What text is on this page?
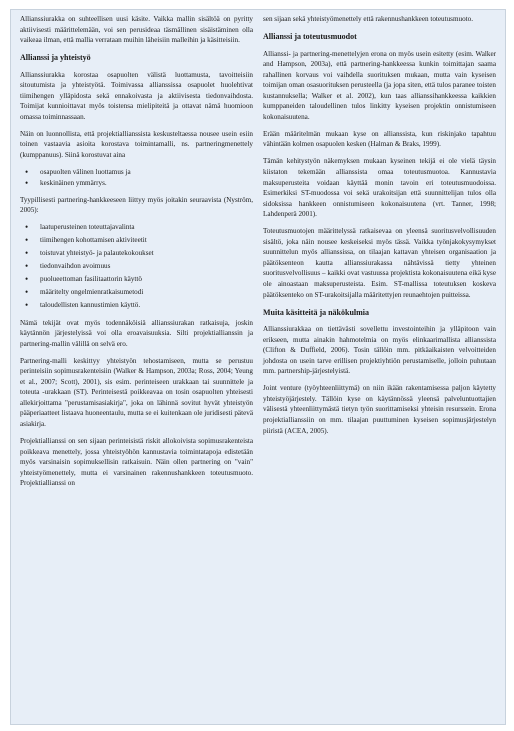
Allianssiurakka on suhteellisen uusi käsite. Vaikka mallin sisältöä on pyritty aktiivisesti määrittelemään, voi sen perusideaa täsmällinen sisäistäminen olla vaikeaa ilman, että mallia verrataan muihin läheisiin malleihin ja käsitteisiin.

Allianssi ja yhteistyö

Allianssiurakka korostaa osapuolten välistä luottamusta, tavoitteisiin sitoutumista ja yhteistyötä. Toimivassa allianssissa osapuolet huolehtivat tiimihengen ylläpidosta sekä ennakoivasta ja aktiivisesta tiedonvaihdosta. Toimijat kunnioittavat myös toistensa mielipiteitä ja ottavat nämä huomioon omassa toiminnassaan.

Näin on luonnollista, että projektiallianssista keskusteltaessa nousee usein esiin toinen vastaavia asioita korostava toimintamalli, ns. partneringmenettely (kumppanuus). Siinä korostuvat aina

• osapuolten välinen luottamus ja
• keskinäinen ymmärrys.

Tyypillisesti partnering-hankkeeseen liittyy myös joitakin seuraavista (Nyström, 2005):

• laatuperusteinen toteuttajavalinta
• tiimihengen kohottamisen aktiviteetit
• toistuvat yhteistyö- ja palautekokoukset
• tiedonvaihdon avoimuus
• puolueettoman fasilitaattorin käyttö
• määritelty ongelmienratkaisumetodi
• taloudellisten kannustimien käyttö.

Nämä tekijät ovat myös todennäköisiä allianssiurakan ratkaisuja, joskin käytännön järjestelyissä voi olla eroavaisuuksia. Silti projektiallianssin ja partnering-mallin välillä on selvä ero.

Partnering-malli keskittyy yhteistyön tehostamiseen, mutta se perustuu perinteisiin sopimusrakenteisiin (Walker & Hampson, 2003a; Ross, 2004; Yeung et al., 2007; Scott), 2001), sis esim. perinteiseen urakkaan tai suunnittele ja toteuta -urakkaan (ST). Perinteisestä poikkeavaa on tosin osapuolten yhteisesti allekirjoittama "perustamisasiakirja", joka on lähinnä sovitut hyvät yhteistyön pääperiaatteet listaava huoneentaulu, mutta se ei kuitenkaan ole juridisesti pätevä asiakirja.

Projektiallianssi on sen sijaan perinteisistä riskit allokoivista sopimusrakenteista poikkeava menettely, jossa yhteistyöhön kannustavia toimintatapoja edistetään myös varsinaisin sopimuksellisin ratkaisuin. Näin ollen partnering on "vain" yhteistyömenettely, mutta ei varsinainen rakennushankkeen toteutusmuoto. Projektiallianssi on

sen sijaan sekä yhteistyömenettely että rakennushankkeen toteutusmuoto.

Allianssi ja toteutusmuodot

Allianssi- ja partnering-menettelyjen erona on myös usein esitetty (esim. Walker and Hampson, 2003a), että partnering-hankkeessa kunkin toimittajan saama rahallinen korvaus voi vaihdella suorituksen mukaan, mutta vain kyseisen toimijan oman osasuorituksen perusteella (ja jopa siten, että tulos paranee toisten kustannuksella; Walker et al. 2002), kun taas allianssihankkeessa kaikkien kumppaneiden taloudellinen tulos linkitty kyseisen projektin onnistumiseen kokonaisuutena.

Erään määritelmän mukaan kyse on allianssista, kun riskinjako tapahtuu vähintään kolmen osapuolen kesken (Halman & Braks, 1999).

Tämän kehitystyön näkemyksen mukaan kyseinen tekijä ei ole vielä täysin kiistaton tekemään allianssista omaa toteutusmuotoa. Kannustavia maksuperusteita voidaan käyttää monin tavoin eri toteutusmuodoissa. Esimerkiksi ST-muodossa voi sekä urakoitsijan että suunnittelijan tulos olla sidoksissa hankkeen onnistumiseen kokonaisuutena (vrt. Tanner, 1998; Lahdenperä 2001).

Toteutusmuotojen määrittelyssä ratkaisevaa on yleensä suoritusvelvollisuuden sisältö, joka näin nousee keskeiseksi myös tässä. Vaikka työnjakokysymykset suunnittelun myös allianssissa, on tilaajan kattavan yhteisen organisaation ja päätöksenteon kautta allianssiurakassa nähtävissä tietty yhteinen suoritusvelvollisuus – kaikki ovat vastuussa projektista kokonaisuutena eikä kyse ole ainoastaan maksuperusteista. Esim. ST-mallissa toteutuksen koskeva päätöksenteko on ST-urakoitsijalla määritettyjen reunaehtojen puitteissa.

Muita käsitteitä ja näkökulmia

Allianssiurakkaa on tiettävästi sovellettu investointeihin ja ylläpitoon vain erikseen, mutta ainakin hahmotelmia on myös elinkaarimallista allianssista (Clifton & Duffield, 2006). Tosin tällöin mm. pitkäaikaisten velvoitteiden johdosta on usein tarve erillisen projektiyhtiön perustamiselle, jolloin puhutaan mm. partnership-järjestelyistä.

Joint venture (työyhteenliittymä) on niin ikään rakentamisessa paljon käytetty yhteistyöjärjestely. Tällöin kyse on käytännössä yleensä palveluntuottajien välisestä yhteenliittymästä tietyn työn suorittamiseksi yhteisin resurssein. Erona projektiallianssiin on mm. tilaajan puuttuminen kyseisen sopimusjärjestelyn piiristä (ACEA, 2005).
